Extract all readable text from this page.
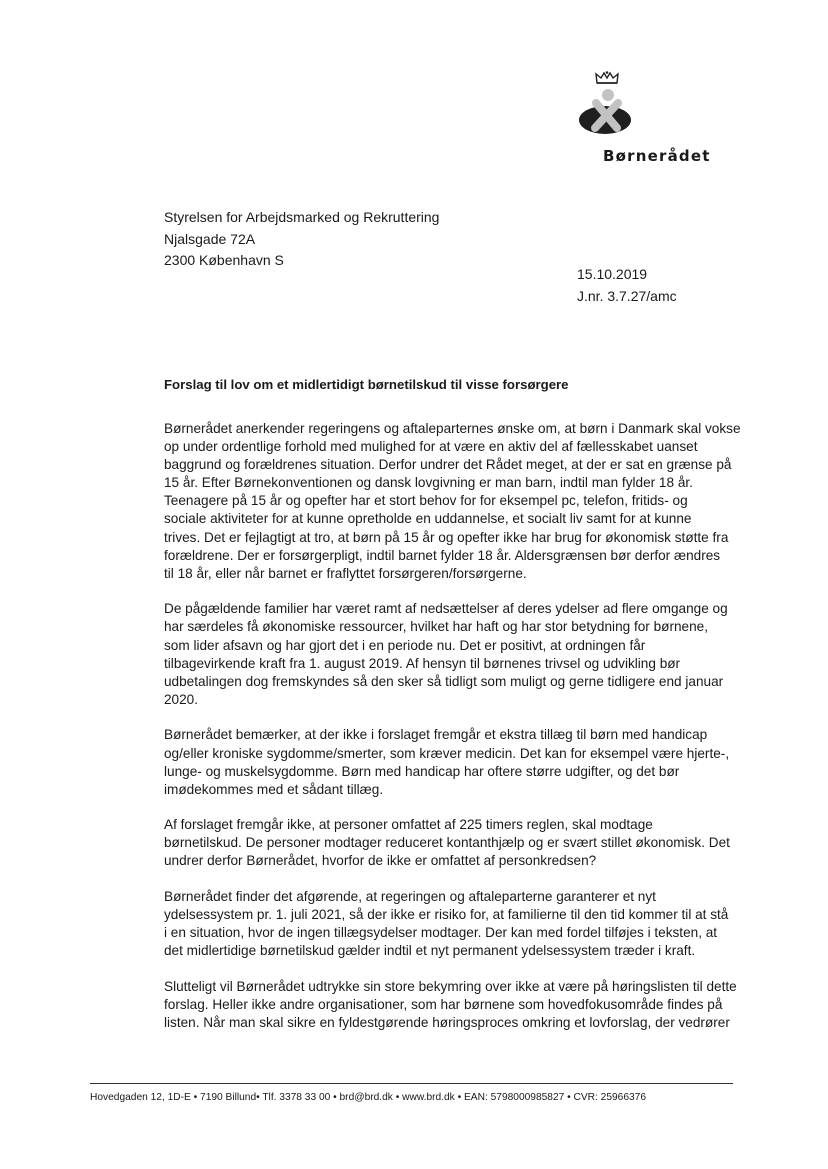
Børnerådet
Styrelsen for Arbejdsmarked og Rekruttering
Njalsgade 72A
2300 København S
15.10.2019
J.nr. 3.7.27/amc
Forslag til lov om et midlertidigt børnetilskud til visse forsørgere
Børnerådet anerkender regeringens og aftaleparternes ønske om, at børn i Danmark skal vokse
op under ordentlige forhold med mulighed for at være en aktiv del af fællesskabet uanset
baggrund og forældrenes situation. Derfor undrer det Rådet meget, at der er sat en grænse på
15 år. Efter Børnekonventionen og dansk lovgivning er man barn, indtil man fylder 18 år.
Teenagere på 15 år og opefter har et stort behov for for eksempel pc, telefon, fritids- og
sociale aktiviteter for at kunne opretholde en uddannelse, et socialt liv samt for at kunne
trives. Det er fejlagtigt at tro, at børn på 15 år og opefter ikke har brug for økonomisk støtte fra
forældrene. Der er forsørgerpligt, indtil barnet fylder 18 år. Aldersgrænsen bør derfor ændres
til 18 år, eller når barnet er fraflyttet forsørgeren/forsørgerne.
De pågældende familier har været ramt af nedsættelser af deres ydelser ad flere omgange og
har særdeles få økonomiske ressourcer, hvilket har haft og har stor betydning for børnene,
som lider afsavn og har gjort det i en periode nu. Det er positivt, at ordningen får
tilbagevirkende kraft fra 1. august 2019. Af hensyn til børnenes trivsel og udvikling bør
udbetalingen dog fremskyndes så den sker så tidligt som muligt og gerne tidligere end januar
2020.
Børnerådet bemærker, at der ikke i forslaget fremgår et ekstra tillæg til børn med handicap
og/eller kroniske sygdomme/smerter, som kræver medicin. Det kan for eksempel være hjerte-,
lunge- og muskelsygdomme. Børn med handicap har oftere større udgifter, og det bør
imødekommes med et sådant tillæg.
Af forslaget fremgår ikke, at personer omfattet af 225 timers reglen, skal modtage
børnetilskud. De personer modtager reduceret kontanthjælp og er svært stillet økonomisk. Det
undrer derfor Børnerådet, hvorfor de ikke er omfattet af personkredsen?
Børnerådet finder det afgørende, at regeringen og aftaleparterne garanterer et nyt
ydelsessystem pr. 1. juli 2021, så der ikke er risiko for, at familierne til den tid kommer til at stå
i en situation, hvor de ingen tillægsydelser modtager. Der kan med fordel tilføjes i teksten, at
det midlertidige børnetilskud gælder indtil et nyt permanent ydelsessystem træder i kraft.
Slutteligt vil Børnerådet udtrykke sin store bekymring over ikke at være på høringslisten til dette
forslag. Heller ikke andre organisationer, som har børnene som hovedfokusområde findes på
listen. Når man skal sikre en fyldestgørende høringsproces omkring et lovforslag, der vedrører
Hovedgaden 12, 1D-E • 7190 Billund• Tlf. 3378 33 00 • brd@brd.dk • www.brd.dk • EAN: 5798000985827 • CVR: 25966376
